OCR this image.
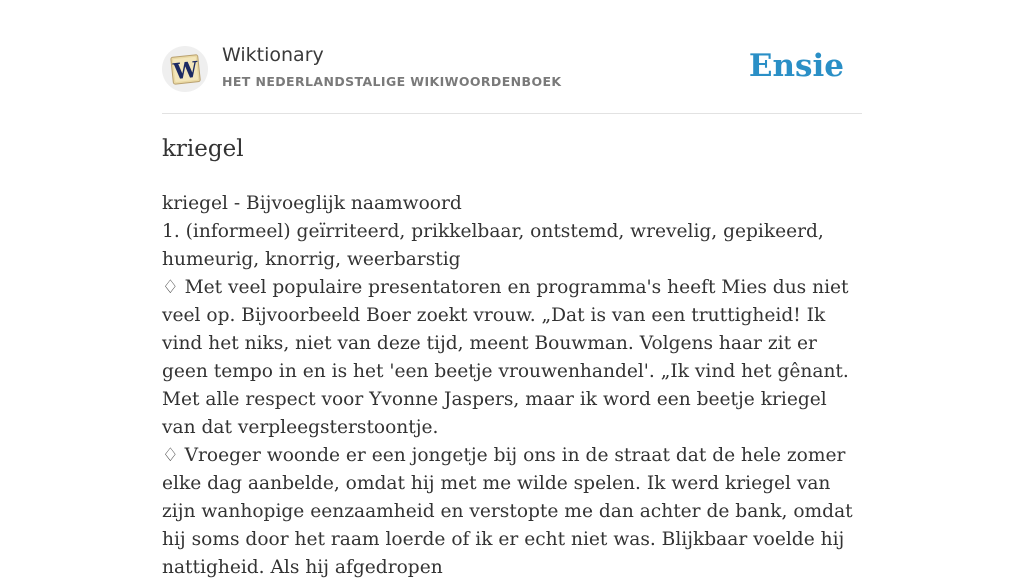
W
Wiktionary
HET NEDERLANDSTALIGE WIKIWOORDENBOEK	Ensie
kriegel

kriegel - Bijvoeglijk naamwoord

1. (informeel) geïrriteerd, prikkelbaar, ontstemd, wrevelig, gepikeerd, humeurig, knorrig, weerbarstig

♢ Met veel populaire presentatoren en programma's heeft Mies dus niet veel op. Bijvoorbeeld Boer zoekt vrouw. „Dat is van een truttigheid! Ik vind het niks, niet van deze tijd, meent Bouwman. Volgens haar zit er geen tempo in en is het 'een beetje vrouwenhandel'. „Ik vind het gênant. Met alle respect voor Yvonne Jaspers, maar ik word een beetje kriegel van dat verpleegsterstoontje.

♢ Vroeger woonde er een jongetje bij ons in de straat dat de hele zomer elke dag aanbelde, omdat hij met me wilde spelen. Ik werd kriegel van zijn wanhopige eenzaamheid en verstopte me dan achter de bank, omdat hij soms door het raam loerde of ik er echt niet was. Blijkbaar voelde hij nattigheid. Als hij afgedropen
